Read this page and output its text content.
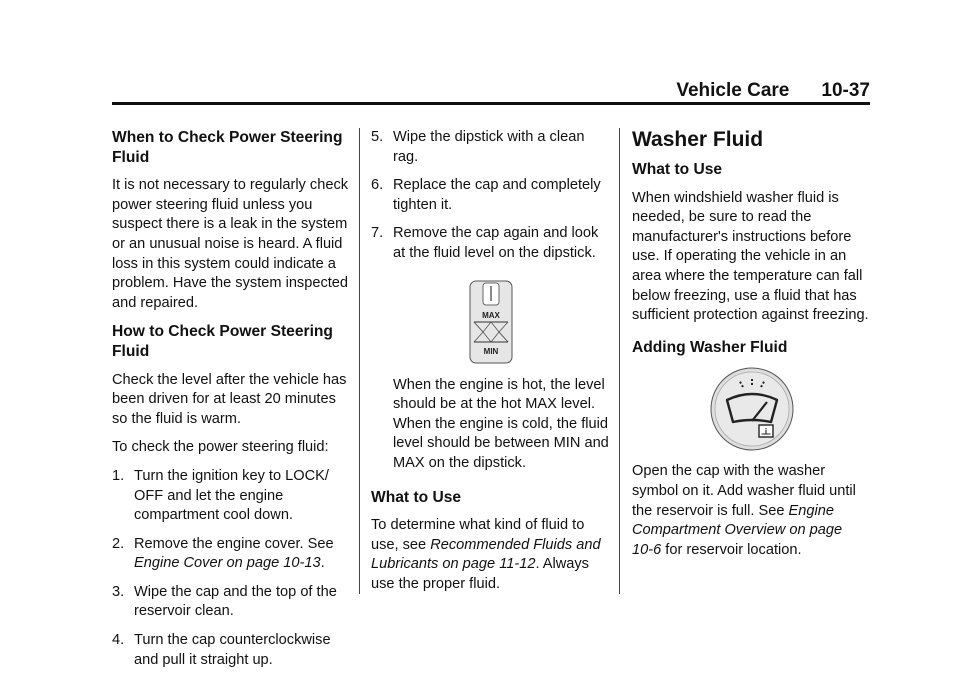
Vehicle Care 10-37
When to Check Power Steering Fluid

It is not necessary to regularly check power steering fluid unless you suspect there is a leak in the system or an unusual noise is heard. A fluid loss in this system could indicate a problem. Have the system inspected and repaired.

How to Check Power Steering Fluid

Check the level after the vehicle has been driven for at least 20 minutes so the fluid is warm.

To check the power steering fluid:

1. Turn the ignition key to LOCK/ OFF and let the engine compartment cool down.
2. Remove the engine cover. See Engine Cover on page 10‑13.
3. Wipe the cap and the top of the reservoir clean.
4. Turn the cap counterclockwise and pull it straight up.
5. Wipe the dipstick with a clean rag.
6. Replace the cap and completely tighten it.
7. Remove the cap again and look at the fluid level on the dipstick.
MAX
MIN

When the engine is hot, the level should be at the hot MAX level. When the engine is cold, the fluid level should be between MIN and MAX on the dipstick.

What to Use

To determine what kind of fluid to use, see Recommended Fluids and Lubricants on page 11‑12. Always use the proper fluid.

Washer Fluid
What to Use

When windshield washer fluid is needed, be sure to read the manufacturer's instructions before use. If operating the vehicle in an area where the temperature can fall below freezing, use a fluid that has sufficient protection against freezing.

Adding Washer Fluid
i

Open the cap with the washer symbol on it. Add washer fluid until the reservoir is full. See Engine Compartment Overview on page 10‑6 for reservoir location.
